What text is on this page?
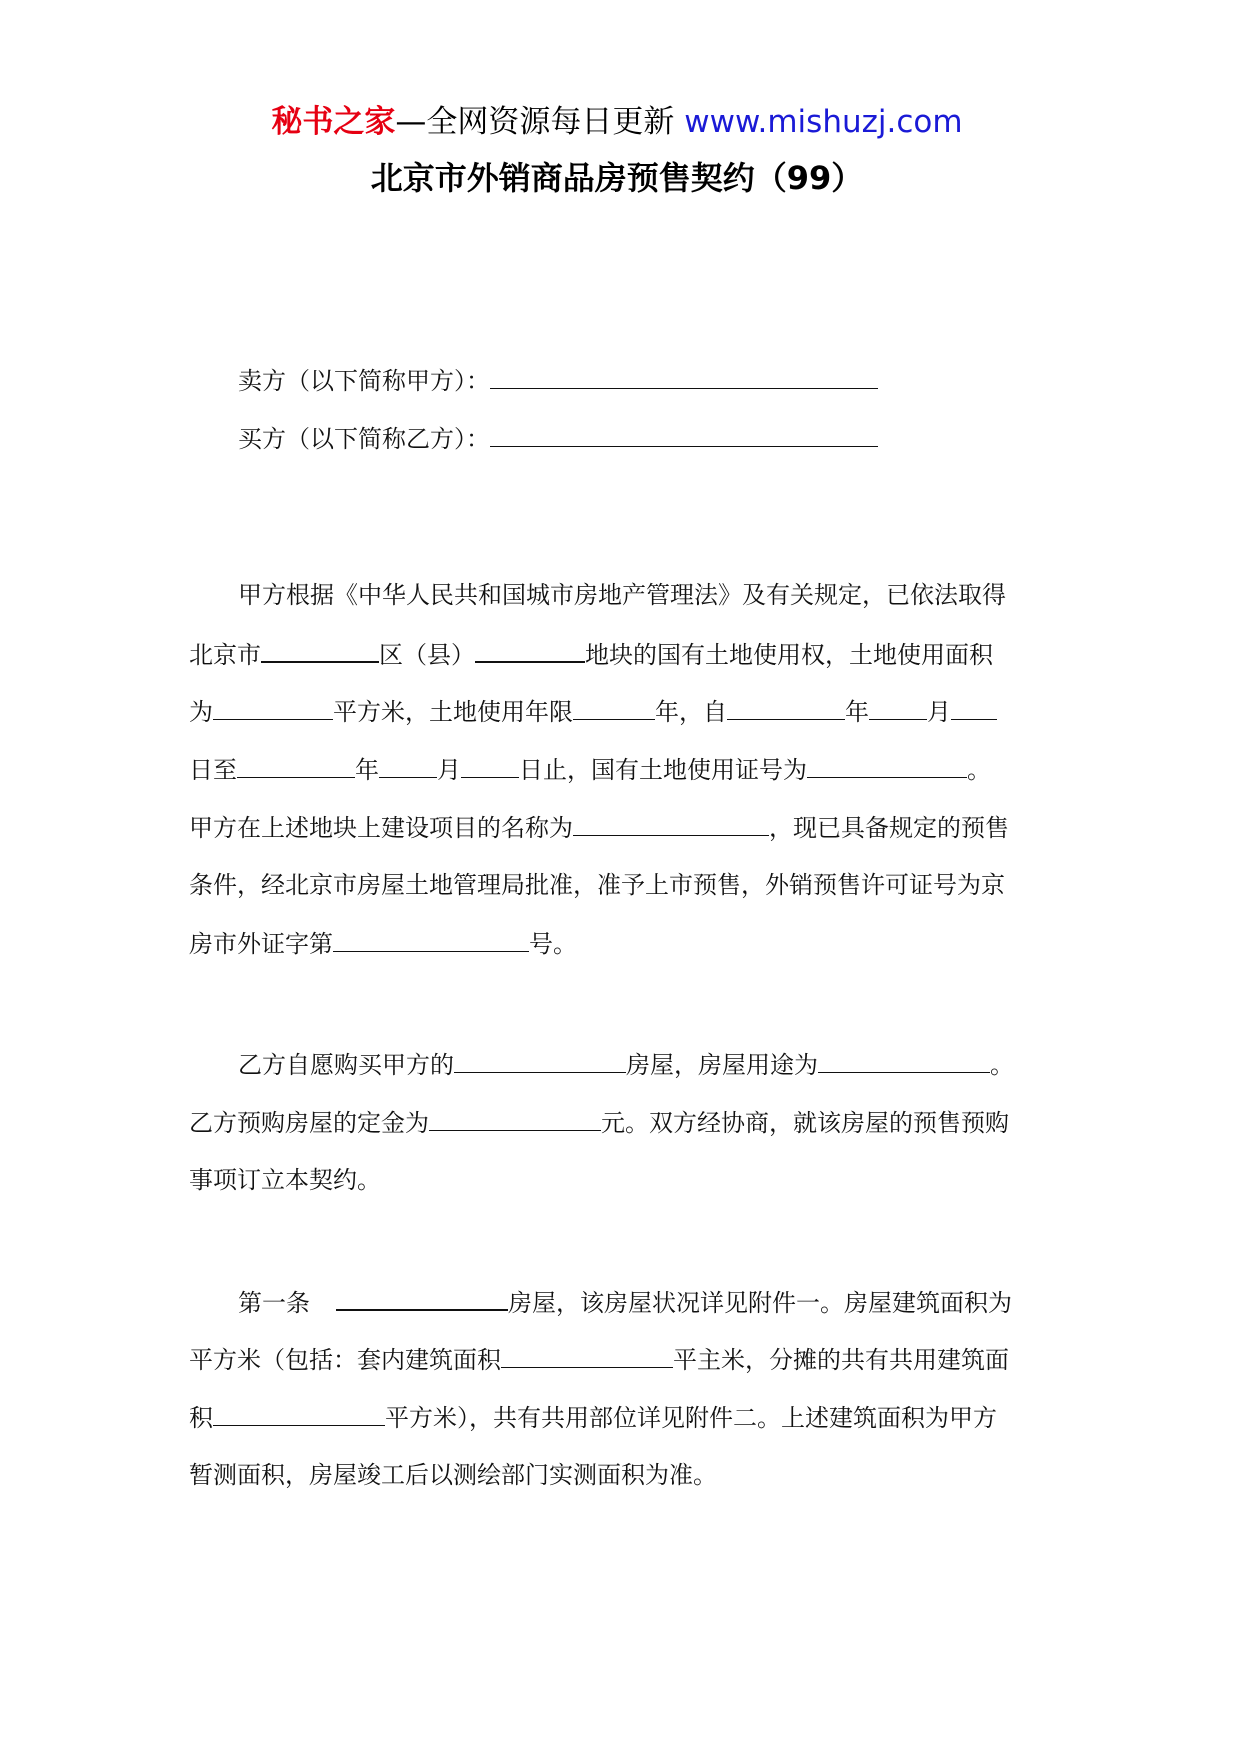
秘书之家—全网资源每日更新 www.mishuzj.com
北京市外销商品房预售契约（99）
卖方（以下简称甲方）：
买方（以下简称乙方）：
甲方根据《中华人民共和国城市房地产管理法》及有关规定，已依法取得
北京市	区（县）	地块的国有土地使用权，土地使用面积
为	平方米，土地使用年限	年，自	年 月
日至	年 月 日止，国有土地使用证号为	。
甲方在上述地块上建设项目的名称为	，现已具备规定的预售
条件，经北京市房屋土地管理局批准，准予上市预售，外销预售许可证号为京
房市外证字第	号。
乙方自愿购买甲方的	房屋，房屋用途为	。
乙方预购房屋的定金为	元。双方经协商，就该房屋的预售预购
事项订立本契约。
第一条	房屋，该房屋状况详见附件一。房屋建筑面积为
平方米（包括：套内建筑面积	平主米，分摊的共有共用建筑面
积	平方米），共有共用部位详见附件二。上述建筑面积为甲方
暂测面积，房屋竣工后以测绘部门实测面积为准。
